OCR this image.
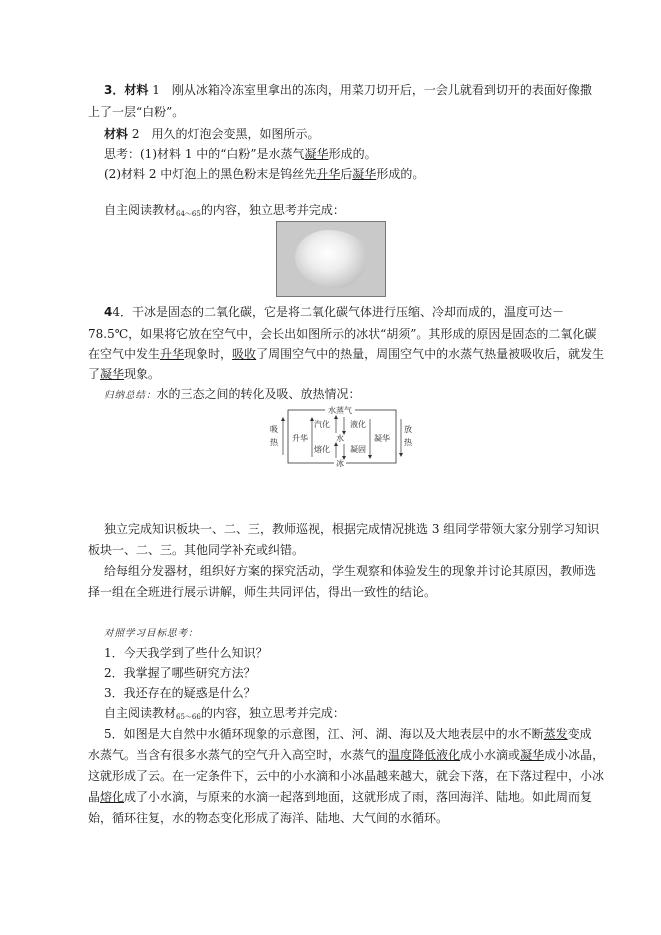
3．材料 1　刚从冰箱冷冻室里拿出的冻肉，用菜刀切开后，一会儿就看到切开的表面好像撒
上了一层“白粉”。
材料 2　用久的灯泡会变黑，如图所示。
思考：(1)材料 1 中的“白粉”是水蒸气凝华形成的。
(2)材料 2 中灯泡上的黑色粉末是钨丝先升华后凝华形成的。
自主阅读教材$_{64\sim 65}$的内容，独立思考并完成：
44．干冰是固态的二氧化碳，它是将二氧化碳气体进行压缩、冷却而成的，温度可达－
78.5℃，如果将它放在空气中，会长出如图所示的冰状“胡须”。其形成的原因是固态的二氧化碳
在空气中发生升华现象时，吸收了周围空气中的热量，周围空气中的水蒸气热量被吸收后，就发生
了凝华现象。
归纳总结：水的三态之间的转化及吸、放热情况：
水蒸气
水
冰
汽化	液化
熔化	凝固
升华	凝华
吸
热
放
热
独立完成知识板块一、二、三，教师巡视，根据完成情况挑选 3 组同学带领大家分别学习知识
板块一、二、三。其他同学补充或纠错。
给每组分发器材，组织好方案的探究活动，学生观察和体验发生的现象并讨论其原因，教师选
择一组在全班进行展示讲解，师生共同评估，得出一致性的结论。
对照学习目标思考：
1．今天我学到了些什么知识？
2．我掌握了哪些研究方法？
3．我还存在的疑惑是什么？
自主阅读教材$_{65\sim 66}$的内容，独立思考并完成：
5．如图是大自然中水循环现象的示意图，江、河、湖、海以及大地表层中的水不断蒸发变成
水蒸气。当含有很多水蒸气的空气升入高空时，水蒸气的温度降低液化成小水滴或凝华成小冰晶，
这就形成了云。在一定条件下，云中的小水滴和小冰晶越来越大，就会下落，在下落过程中，小冰
晶熔化成了小水滴，与原来的水滴一起落到地面，这就形成了雨，落回海洋、陆地。如此周而复
始，循环往复，水的物态变化形成了海洋、陆地、大气间的水循环。
